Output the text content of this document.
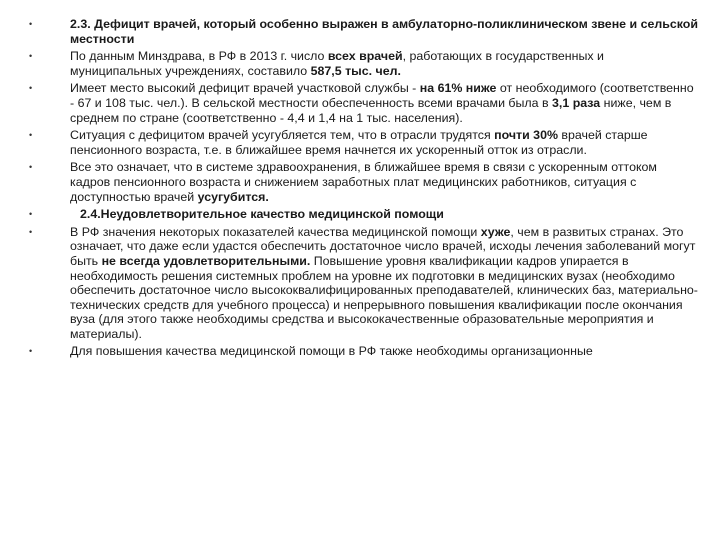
•	2.3. Дефицит врачей, который особенно выражен в амбулаторно-поликлиническом звене и сельской местности
•	По данным Минздрава, в РФ в 2013 г. число всех врачей, работающих в государственных и муниципальных учреждениях, составило 587,5 тыс. чел.
•	Имеет место высокий дефицит врачей участковой службы - на 61% ниже от необходимого (соответственно - 67 и 108 тыс. чел.). В сельской местности обеспеченность всеми врачами была в 3,1 раза ниже, чем в среднем по стране (соответственно - 4,4 и 1,4 на 1 тыс. населения).
•	Ситуация с дефицитом врачей усугубляется тем, что в отрасли трудятся почти 30% врачей старше пенсионного возраста, т.е. в ближайшее время начнется их ускоренный отток из отрасли.
•	Все это означает, что в системе здравоохранения, в ближайшее время в связи с ускоренным оттоком кадров пенсионного возраста и снижением заработных плат медицинских работников, ситуация с доступностью врачей усугубится.
•	2.4.Неудовлетворительное качество медицинской помощи
•	В РФ значения некоторых показателей качества медицинской помощи хуже, чем в развитых странах. Это означает, что даже если удастся обеспечить достаточное число врачей, исходы лечения заболеваний могут быть не всегда удовлетворительными. Повышение уровня квалификации кадров упирается в необходимость решения системных проблем на уровне их подготовки в медицинских вузах (необходимо обеспечить достаточное число высококвалифицированных преподавателей, клинических баз, материально-технических средств для учебного процесса) и непрерывного повышения квалификации после окончания вуза (для этого также необходимы средства и высококачественные образовательные мероприятия и материалы).
•	Для повышения качества медицинской помощи в РФ также необходимы организационные
